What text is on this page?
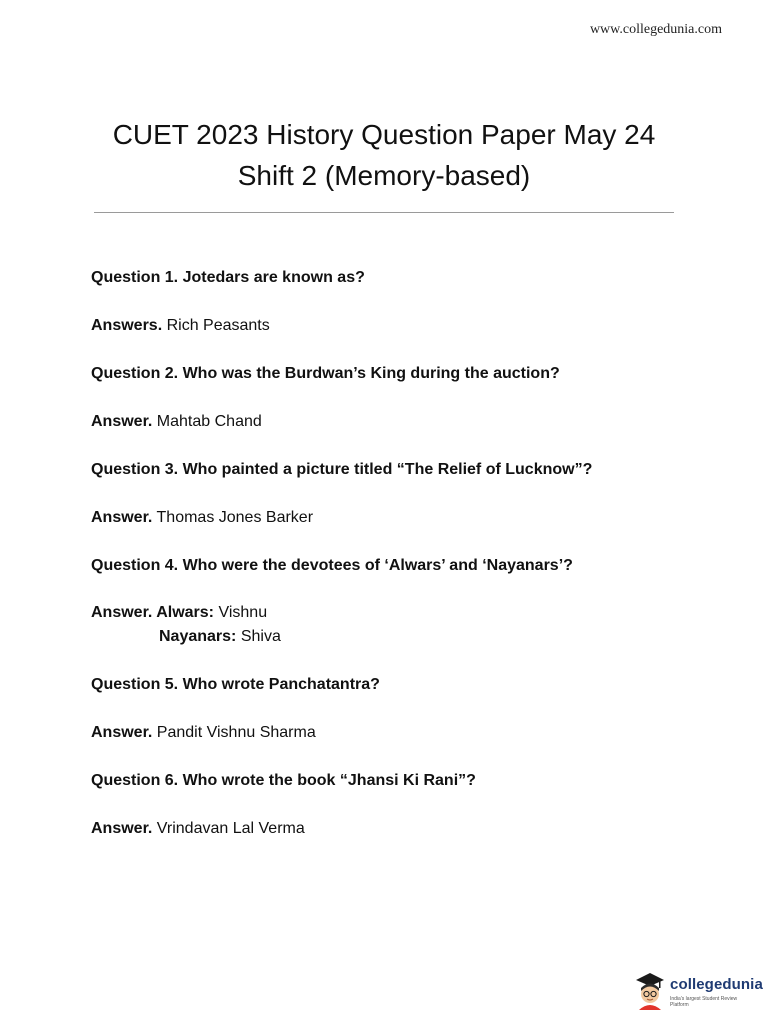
www.collegedunia.com
CUET 2023 History Question Paper May 24
Shift 2 (Memory-based)
Question 1. Jotedars are known as?
Answers. Rich Peasants
Question 2. Who was the Burdwan’s King during the auction?
Answer. Mahtab Chand
Question 3. Who painted a picture titled “The Relief of Lucknow”?
Answer. Thomas Jones Barker
Question 4. Who were the devotees of ‘Alwars’ and ‘Nayanars’?
Answer. Alwars: Vishnu
Nayanars: Shiva
Question 5. Who wrote Panchatantra?
Answer. Pandit Vishnu Sharma
Question 6. Who wrote the book “Jhansi Ki Rani”?
Answer. Vrindavan Lal Verma
collegedunia
India's largest Student Review Platform
